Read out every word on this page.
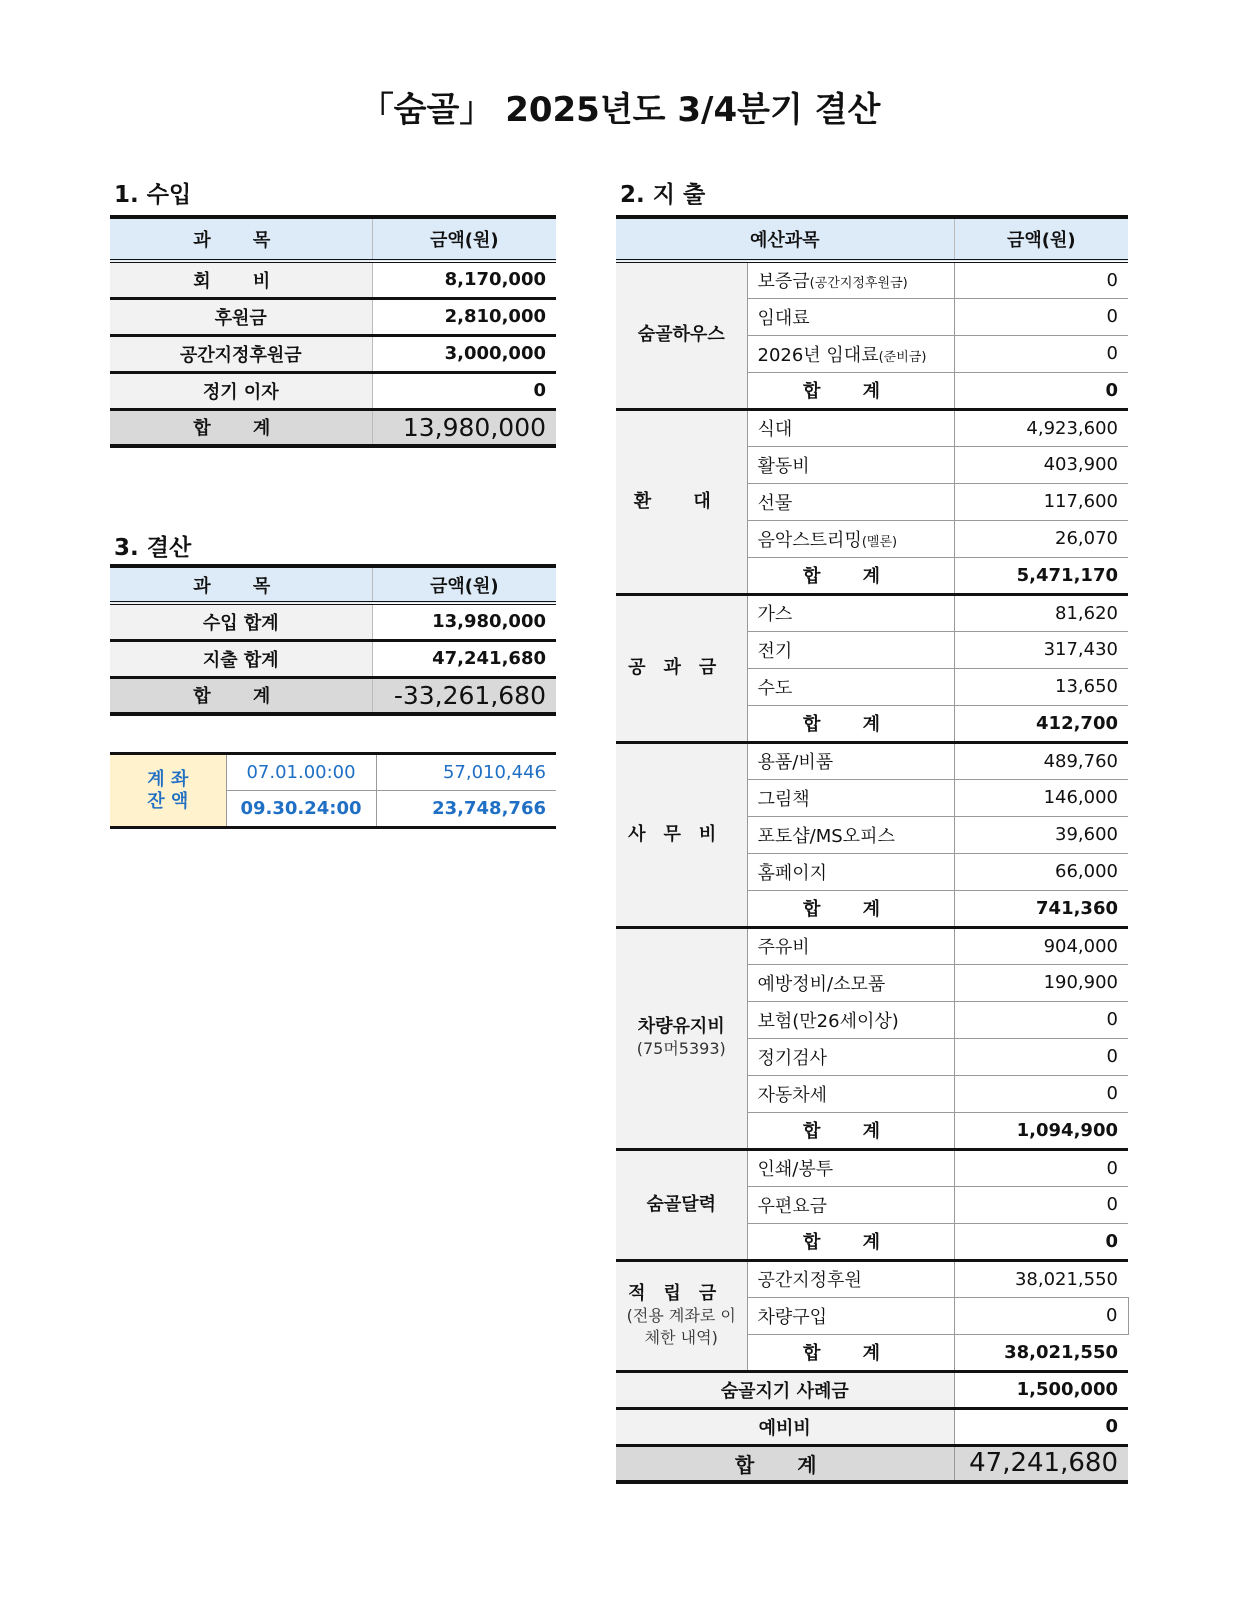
「숨골」 2025년도 3/4분기 결산
1. 수입
과 목	금액(원)
회 비	8,170,000
후원금	2,810,000
공간지정후원금	3,000,000
정기 이자	0
합 계	13,980,000
3. 결산
과 목	금액(원)
수입 합계	13,980,000
지출 합계	47,241,680
합 계	-33,261,680
계 좌
잔 액	07.01.00:00	57,010,446
	09.30.24:00	23,748,766
2. 지 출
예산과목		금액(원)
숨골하우스	보증금(공간지정후원금)	0
	임대료	0
	2026년 임대료(준비금)	0
	합 계	0
환 대	식대	4,923,600
	활동비	403,900
	선물	117,600
	음악스트리밍(멜론)	26,070
	합 계	5,471,170
공과금	가스	81,620
	전기	317,430
	수도	13,650
	합 계	412,700
사무비	용품/비품	489,760
	그림책	146,000
	포토샵/MS오피스	39,600
	홈페이지	66,000
	합 계	741,360
차량유지비
(75머5393)	주유비	904,000
	예방정비/소모품	190,900
	보험(만26세이상)	0
	정기검사	0
	자동차세	0
	합 계	1,094,900
숨골달력	인쇄/봉투	0
	우편요금	0
	합 계	0
적립금
(전용 계좌로 이체한 내역)	공간지정후원	38,021,550
	차량구입	0
	합 계	38,021,550
숨골지기 사례금		1,500,000
예비비		0
합 계		47,241,680
